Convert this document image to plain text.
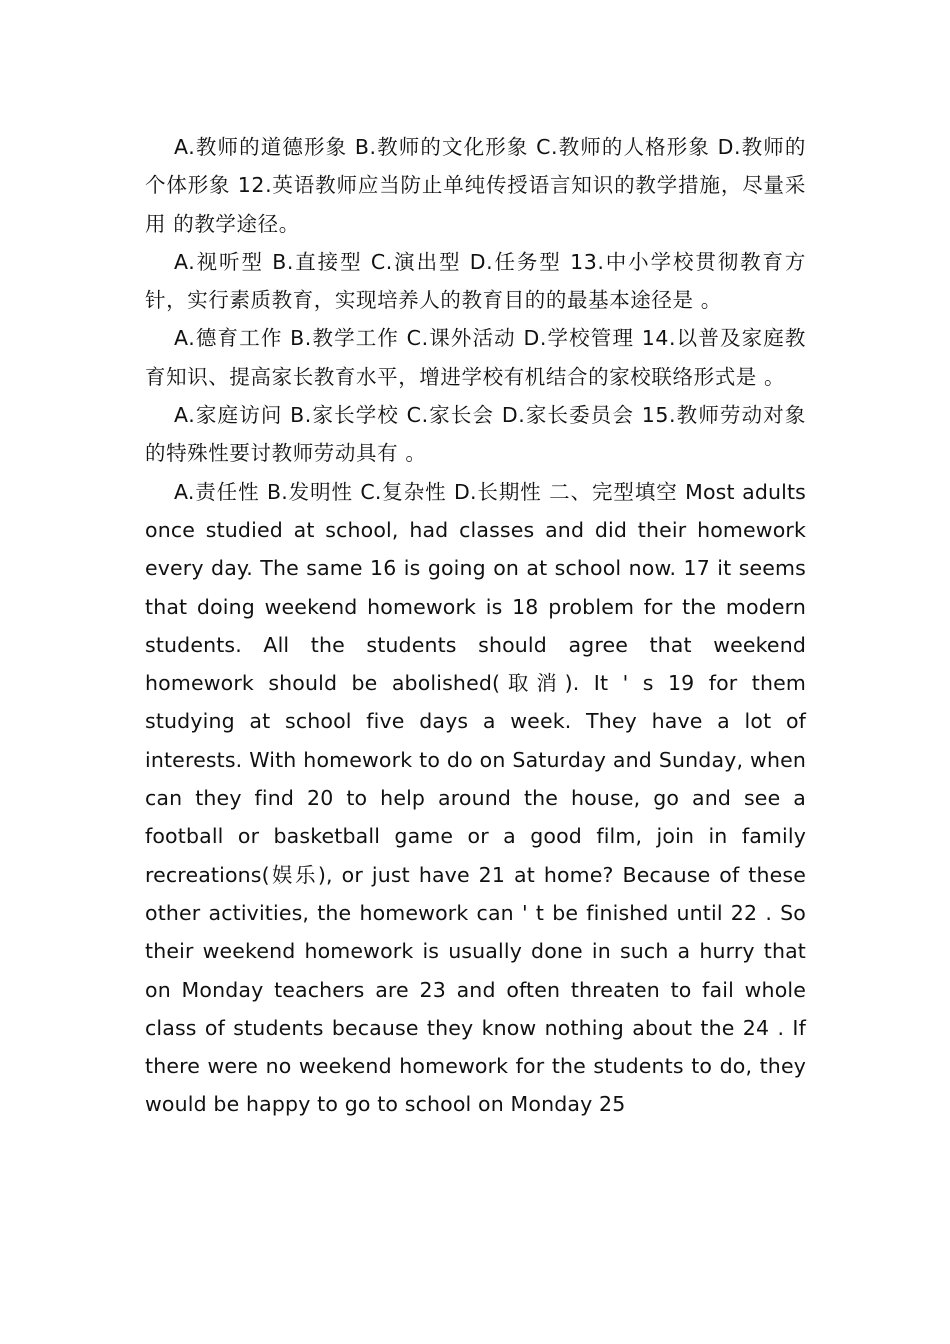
A.教师的道德形象 B.教师的文化形象 C.教师的人格形象 D.教师的个体形象 12.英语教师应当防止单纯传授语言知识的教学措施，尽量采用 的教学途径。

A.视听型 B.直接型 C.演出型 D.任务型 13.中小学校贯彻教育方针，实行素质教育，实现培养人的教育目的的最基本途径是 。

A.德育工作 B.教学工作 C.课外活动 D.学校管理 14.以普及家庭教育知识、提高家长教育水平，增进学校有机结合的家校联络形式是 。

A.家庭访问 B.家长学校 C.家长会 D.家长委员会 15.教师劳动对象的特殊性要讨教师劳动具有 。

A.责任性 B.发明性 C.复杂性 D.长期性 二、完型填空 Most adults once studied at school, had classes and did their homework every day. The same 16 is going on at school now. 17 it seems that doing weekend homework is 18 problem for the modern students. All the students should agree that weekend homework should be abolished(取消). It ' s 19 for them studying at school five days a week. They have a lot of interests. With homework to do on Saturday and Sunday, when can they find 20 to help around the house, go and see a football or basketball game or a good film, join in family recreations(娱乐), or just have 21 at home? Because of these other activities, the homework can ' t be finished until 22 . So their weekend homework is usually done in such a hurry that on Monday teachers are 23 and often threaten to fail whole class of students because they know nothing about the 24 . If there were no weekend homework for the students to do, they would be happy to go to school on Monday 25
